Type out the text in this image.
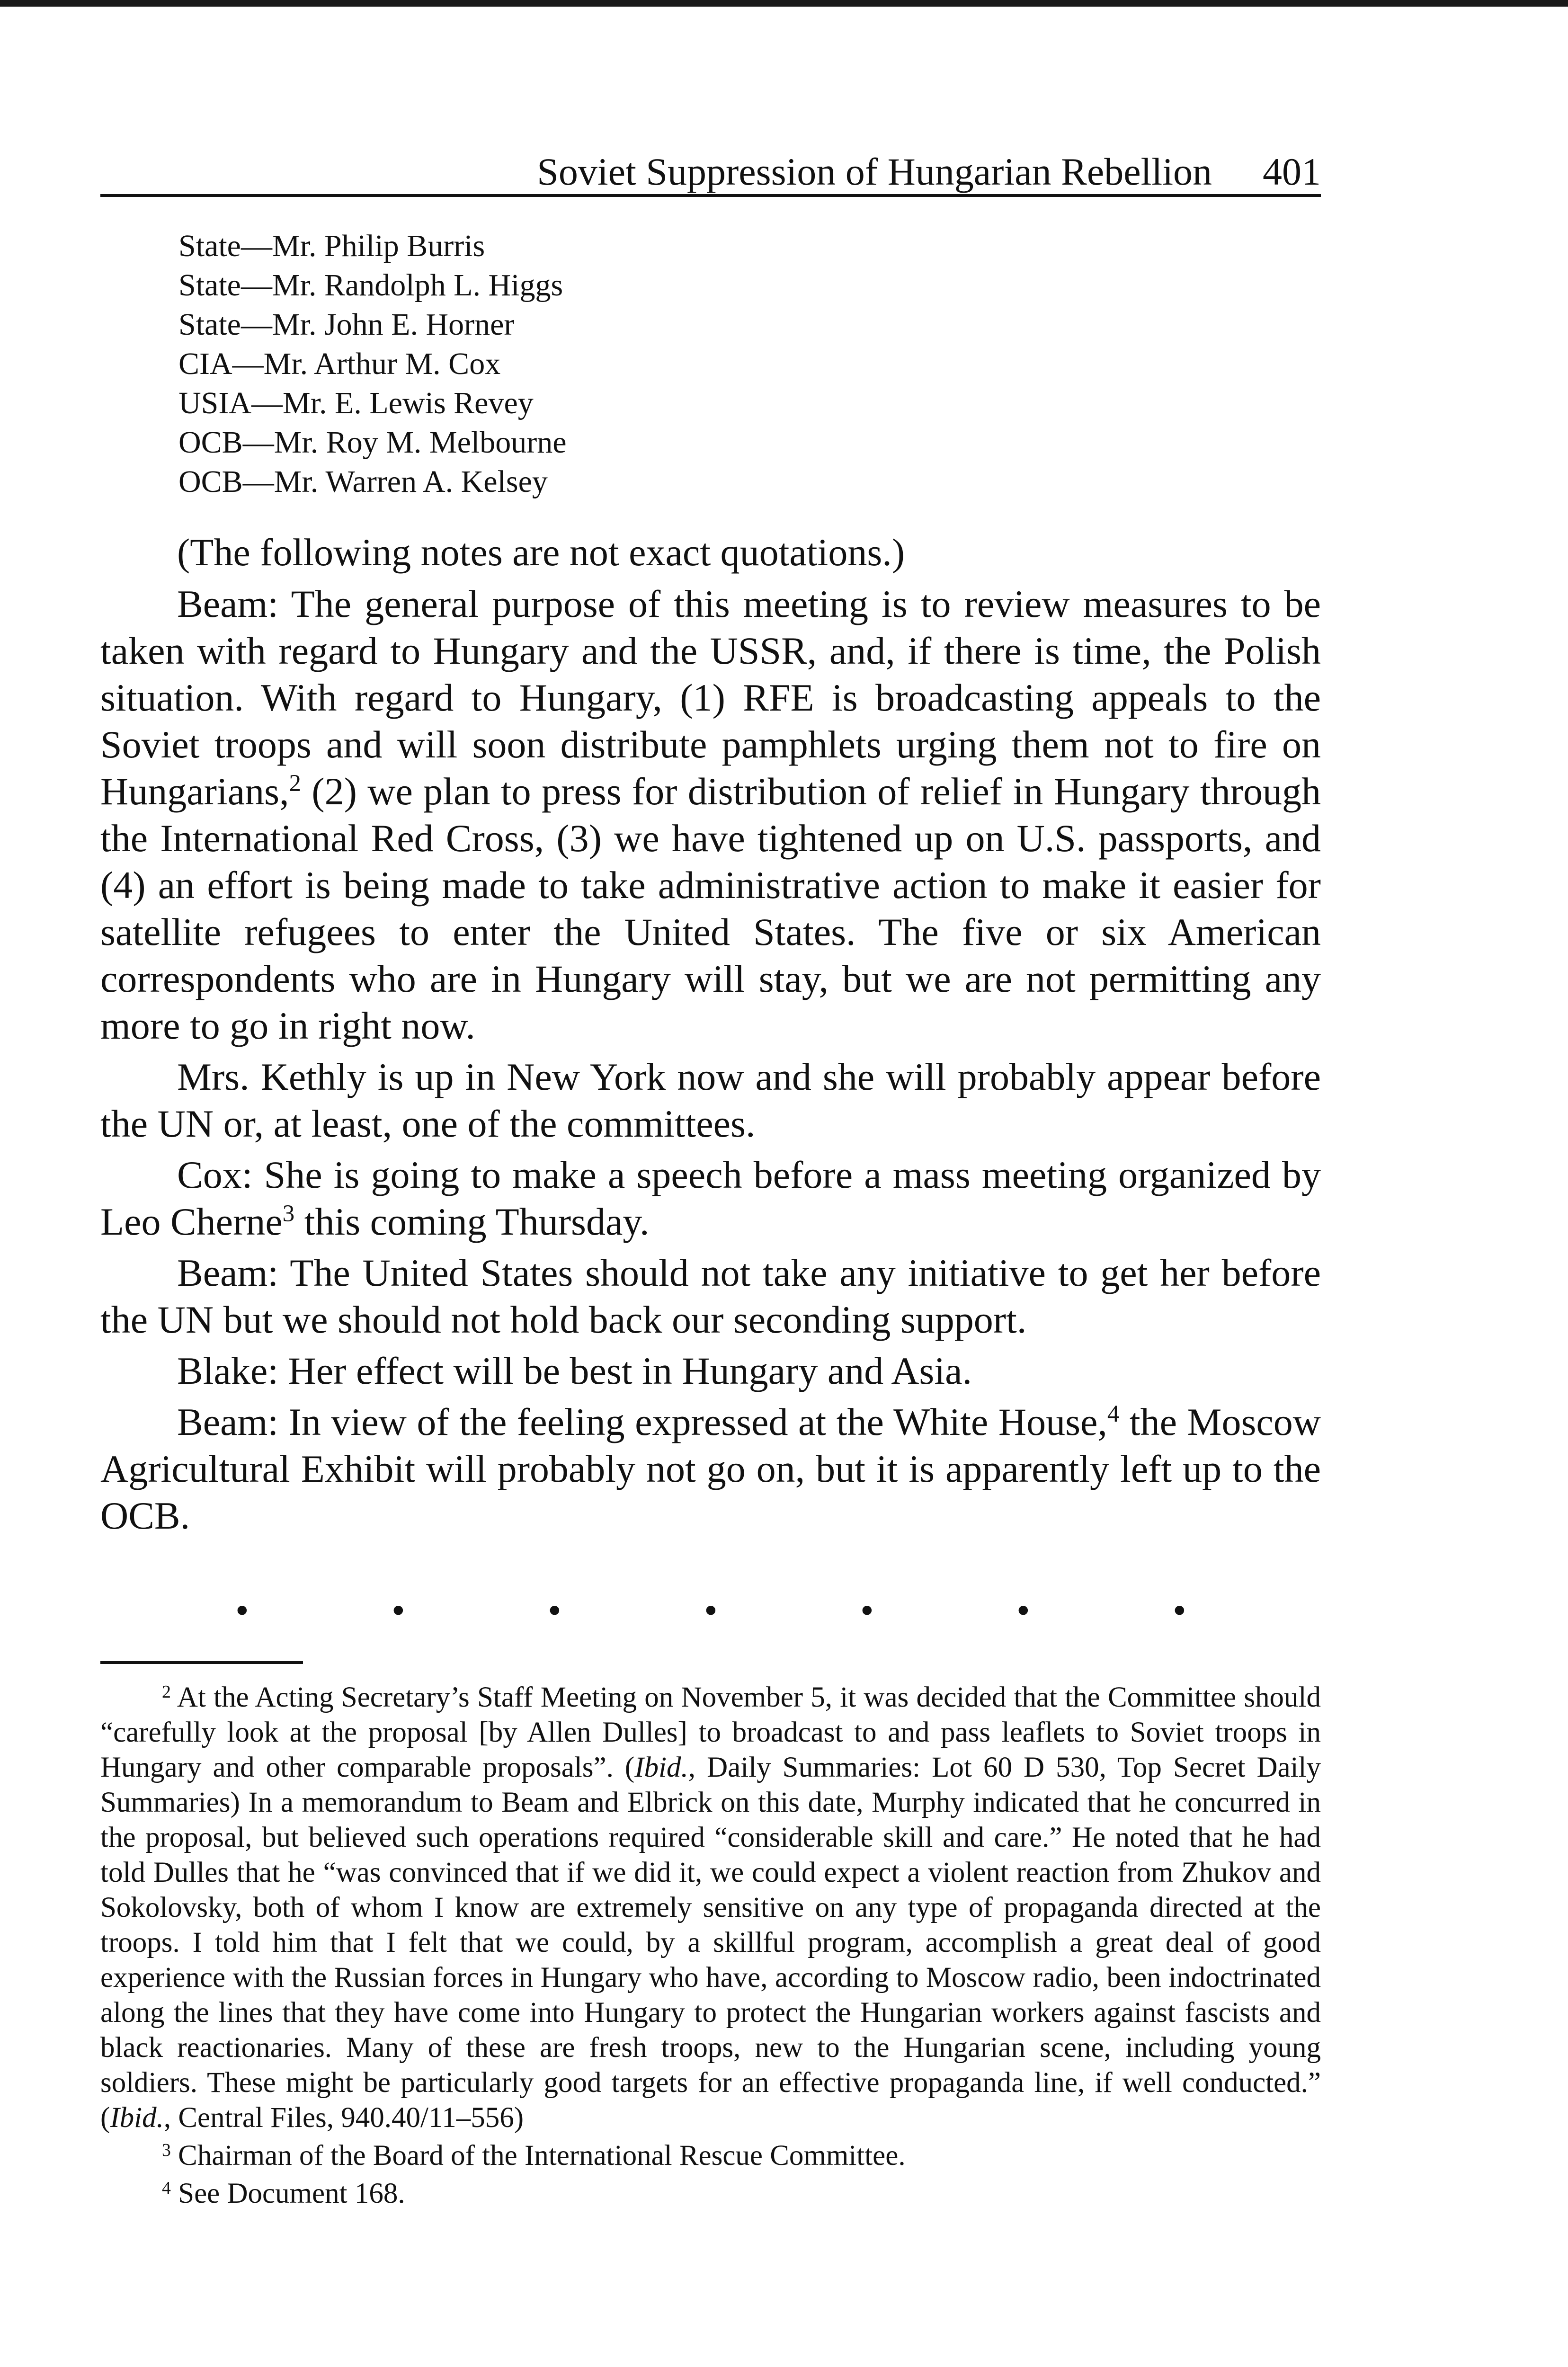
Soviet Suppression of Hungarian Rebellion 401
State—Mr. Philip Burris
State—Mr. Randolph L. Higgs
State—Mr. John E. Horner
CIA—Mr. Arthur M. Cox
USIA—Mr. E. Lewis Revey
OCB—Mr. Roy M. Melbourne
OCB—Mr. Warren A. Kelsey

(The following notes are not exact quotations.)

Beam: The general purpose of this meeting is to review measures to be taken with regard to Hungary and the USSR, and, if there is time, the Polish situation. With regard to Hungary, (1) RFE is broadcasting appeals to the Soviet troops and will soon distribute pamphlets urging them not to fire on Hungarians,$^2$ (2) we plan to press for distribution of relief in Hungary through the International Red Cross, (3) we have tightened up on U.S. passports, and (4) an effort is being made to take administrative action to make it easier for satellite refugees to enter the United States. The five or six American correspondents who are in Hungary will stay, but we are not permitting any more to go in right now.

Mrs. Kethly is up in New York now and she will probably appear before the UN or, at least, one of the committees.

Cox: She is going to make a speech before a mass meeting organized by Leo Cherne$^3$ this coming Thursday.

Beam: The United States should not take any initiative to get her before the UN but we should not hold back our seconding support.

Blake: Her effect will be best in Hungary and Asia.

Beam: In view of the feeling expressed at the White House,$^4$ the Moscow Agricultural Exhibit will probably not go on, but it is apparently left up to the OCB.

•	•	•	•	•	•	•

$^2$ At the Acting Secretary’s Staff Meeting on November 5, it was decided that the Committee should “carefully look at the proposal [by Allen Dulles] to broadcast to and pass leaflets to Soviet troops in Hungary and other comparable proposals”. (Ibid., Daily Summaries: Lot 60 D 530, Top Secret Daily Summaries) In a memorandum to Beam and Elbrick on this date, Murphy indicated that he concurred in the proposal, but believed such operations required “considerable skill and care.” He noted that he had told Dulles that he “was convinced that if we did it, we could expect a violent reaction from Zhukov and Sokolovsky, both of whom I know are extremely sensitive on any type of propaganda directed at the troops. I told him that I felt that we could, by a skillful program, accomplish a great deal of good experience with the Russian forces in Hungary who have, according to Moscow radio, been indoctrinated along the lines that they have come into Hungary to protect the Hungarian workers against fascists and black reactionaries. Many of these are fresh troops, new to the Hungarian scene, including young soldiers. These might be particularly good targets for an effective propaganda line, if well conducted.” (Ibid., Central Files, 940.40/11–556)

$^3$ Chairman of the Board of the International Rescue Committee.

$^4$ See Document 168.
